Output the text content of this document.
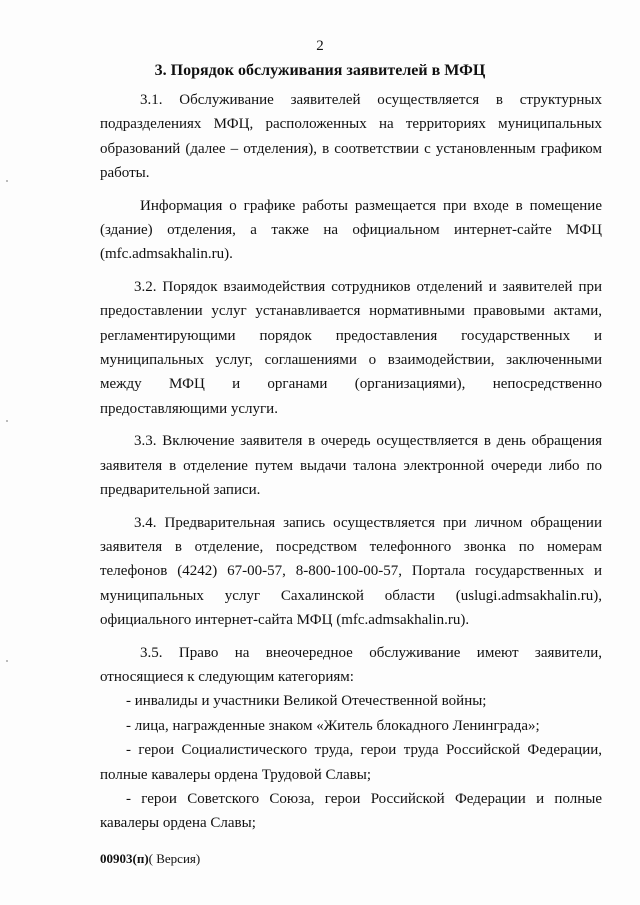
2
3. Порядок обслуживания заявителей в МФЦ

3.1. Обслуживание заявителей осуществляется в структурных подразделениях МФЦ, расположенных на территориях муниципальных образований (далее – отделения), в соответствии с установленным графиком работы.

Информация о графике работы размещается при входе в помещение (здание) отделения, а также на официальном интернет-сайте МФЦ (mfc.admsakhalin.ru).

3.2. Порядок взаимодействия сотрудников отделений и заявителей при предоставлении услуг устанавливается нормативными правовыми актами, регламентирующими порядок предоставления государственных и муниципальных услуг, соглашениями о взаимодействии, заключенными между МФЦ и органами (организациями), непосредственно предоставляющими услуги.

3.3. Включение заявителя в очередь осуществляется в день обращения заявителя в отделение путем выдачи талона электронной очереди либо по предварительной записи.

3.4. Предварительная запись осуществляется при личном обращении заявителя в отделение, посредством телефонного звонка по номерам телефонов (4242) 67-00-57, 8-800-100-00-57, Портала государственных и муниципальных услуг Сахалинской области (uslugi.admsakhalin.ru), официального интернет-сайта МФЦ (mfc.admsakhalin.ru).

3.5. Право на внеочередное обслуживание имеют заявители, относящиеся к следующим категориям:

- инвалиды и участники Великой Отечественной войны;

- лица, награжденные знаком «Житель блокадного Ленинграда»;

- герои Социалистического труда, герои труда Российской Федерации, полные кавалеры ордена Трудовой Славы;

- герои Советского Союза, герои Российской Федерации и полные кавалеры ордена Славы;

00903(п)( Версия)
